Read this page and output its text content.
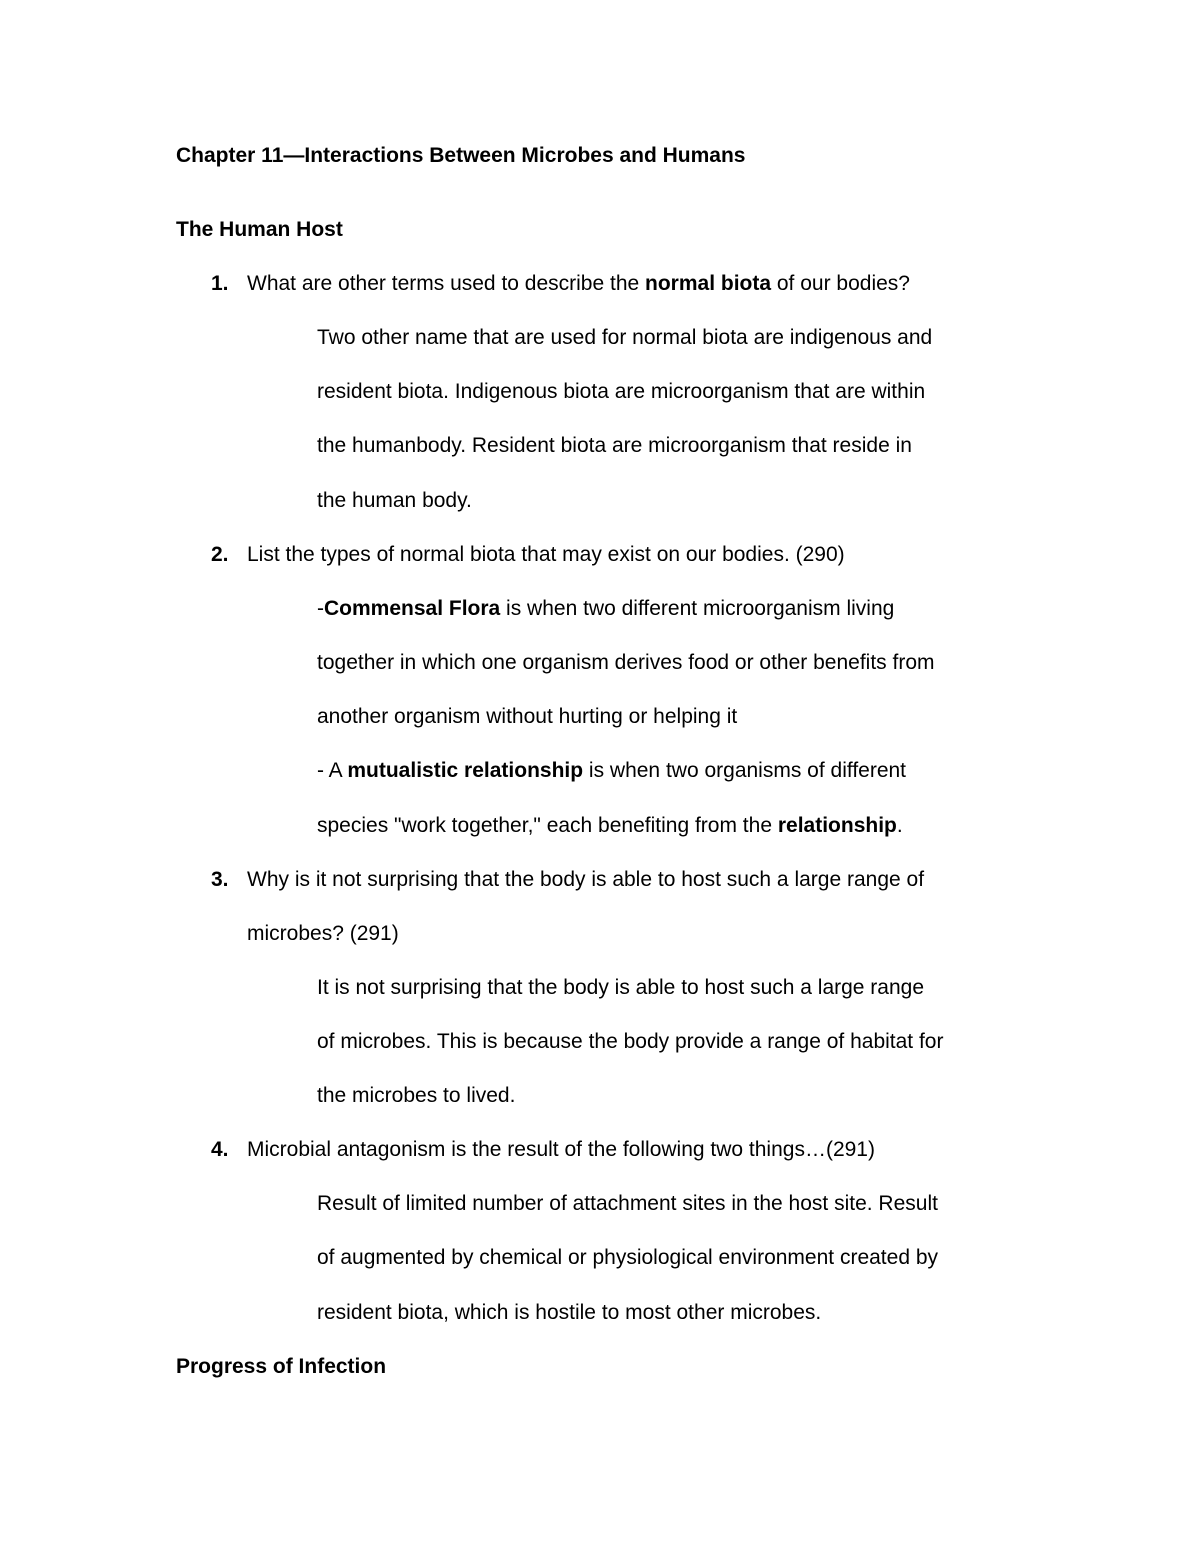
Chapter 11—Interactions Between Microbes and Humans
The Human Host
1. What are other terms used to describe the normal biota of our bodies?
Two other name that are used for normal biota are indigenous and
resident biota. Indigenous biota are microorganism that are within
the humanbody. Resident biota are microorganism that reside in
the human body.
2. List the types of normal biota that may exist on our bodies. (290)
-Commensal Flora is when two different microorganism living
together in which one organism derives food or other benefits from
another organism without hurting or helping it
- A mutualistic relationship is when two organisms of different
species "work together," each benefiting from the relationship.
3. Why is it not surprising that the body is able to host such a large range of
microbes? (291)
It is not surprising that the body is able to host such a large range
of microbes. This is because the body provide a range of habitat for
the microbes to lived.
4. Microbial antagonism is the result of the following two things…(291)
Result of limited number of attachment sites in the host site. Result
of augmented by chemical or physiological environment created by
resident biota, which is hostile to most other microbes.
Progress of Infection
